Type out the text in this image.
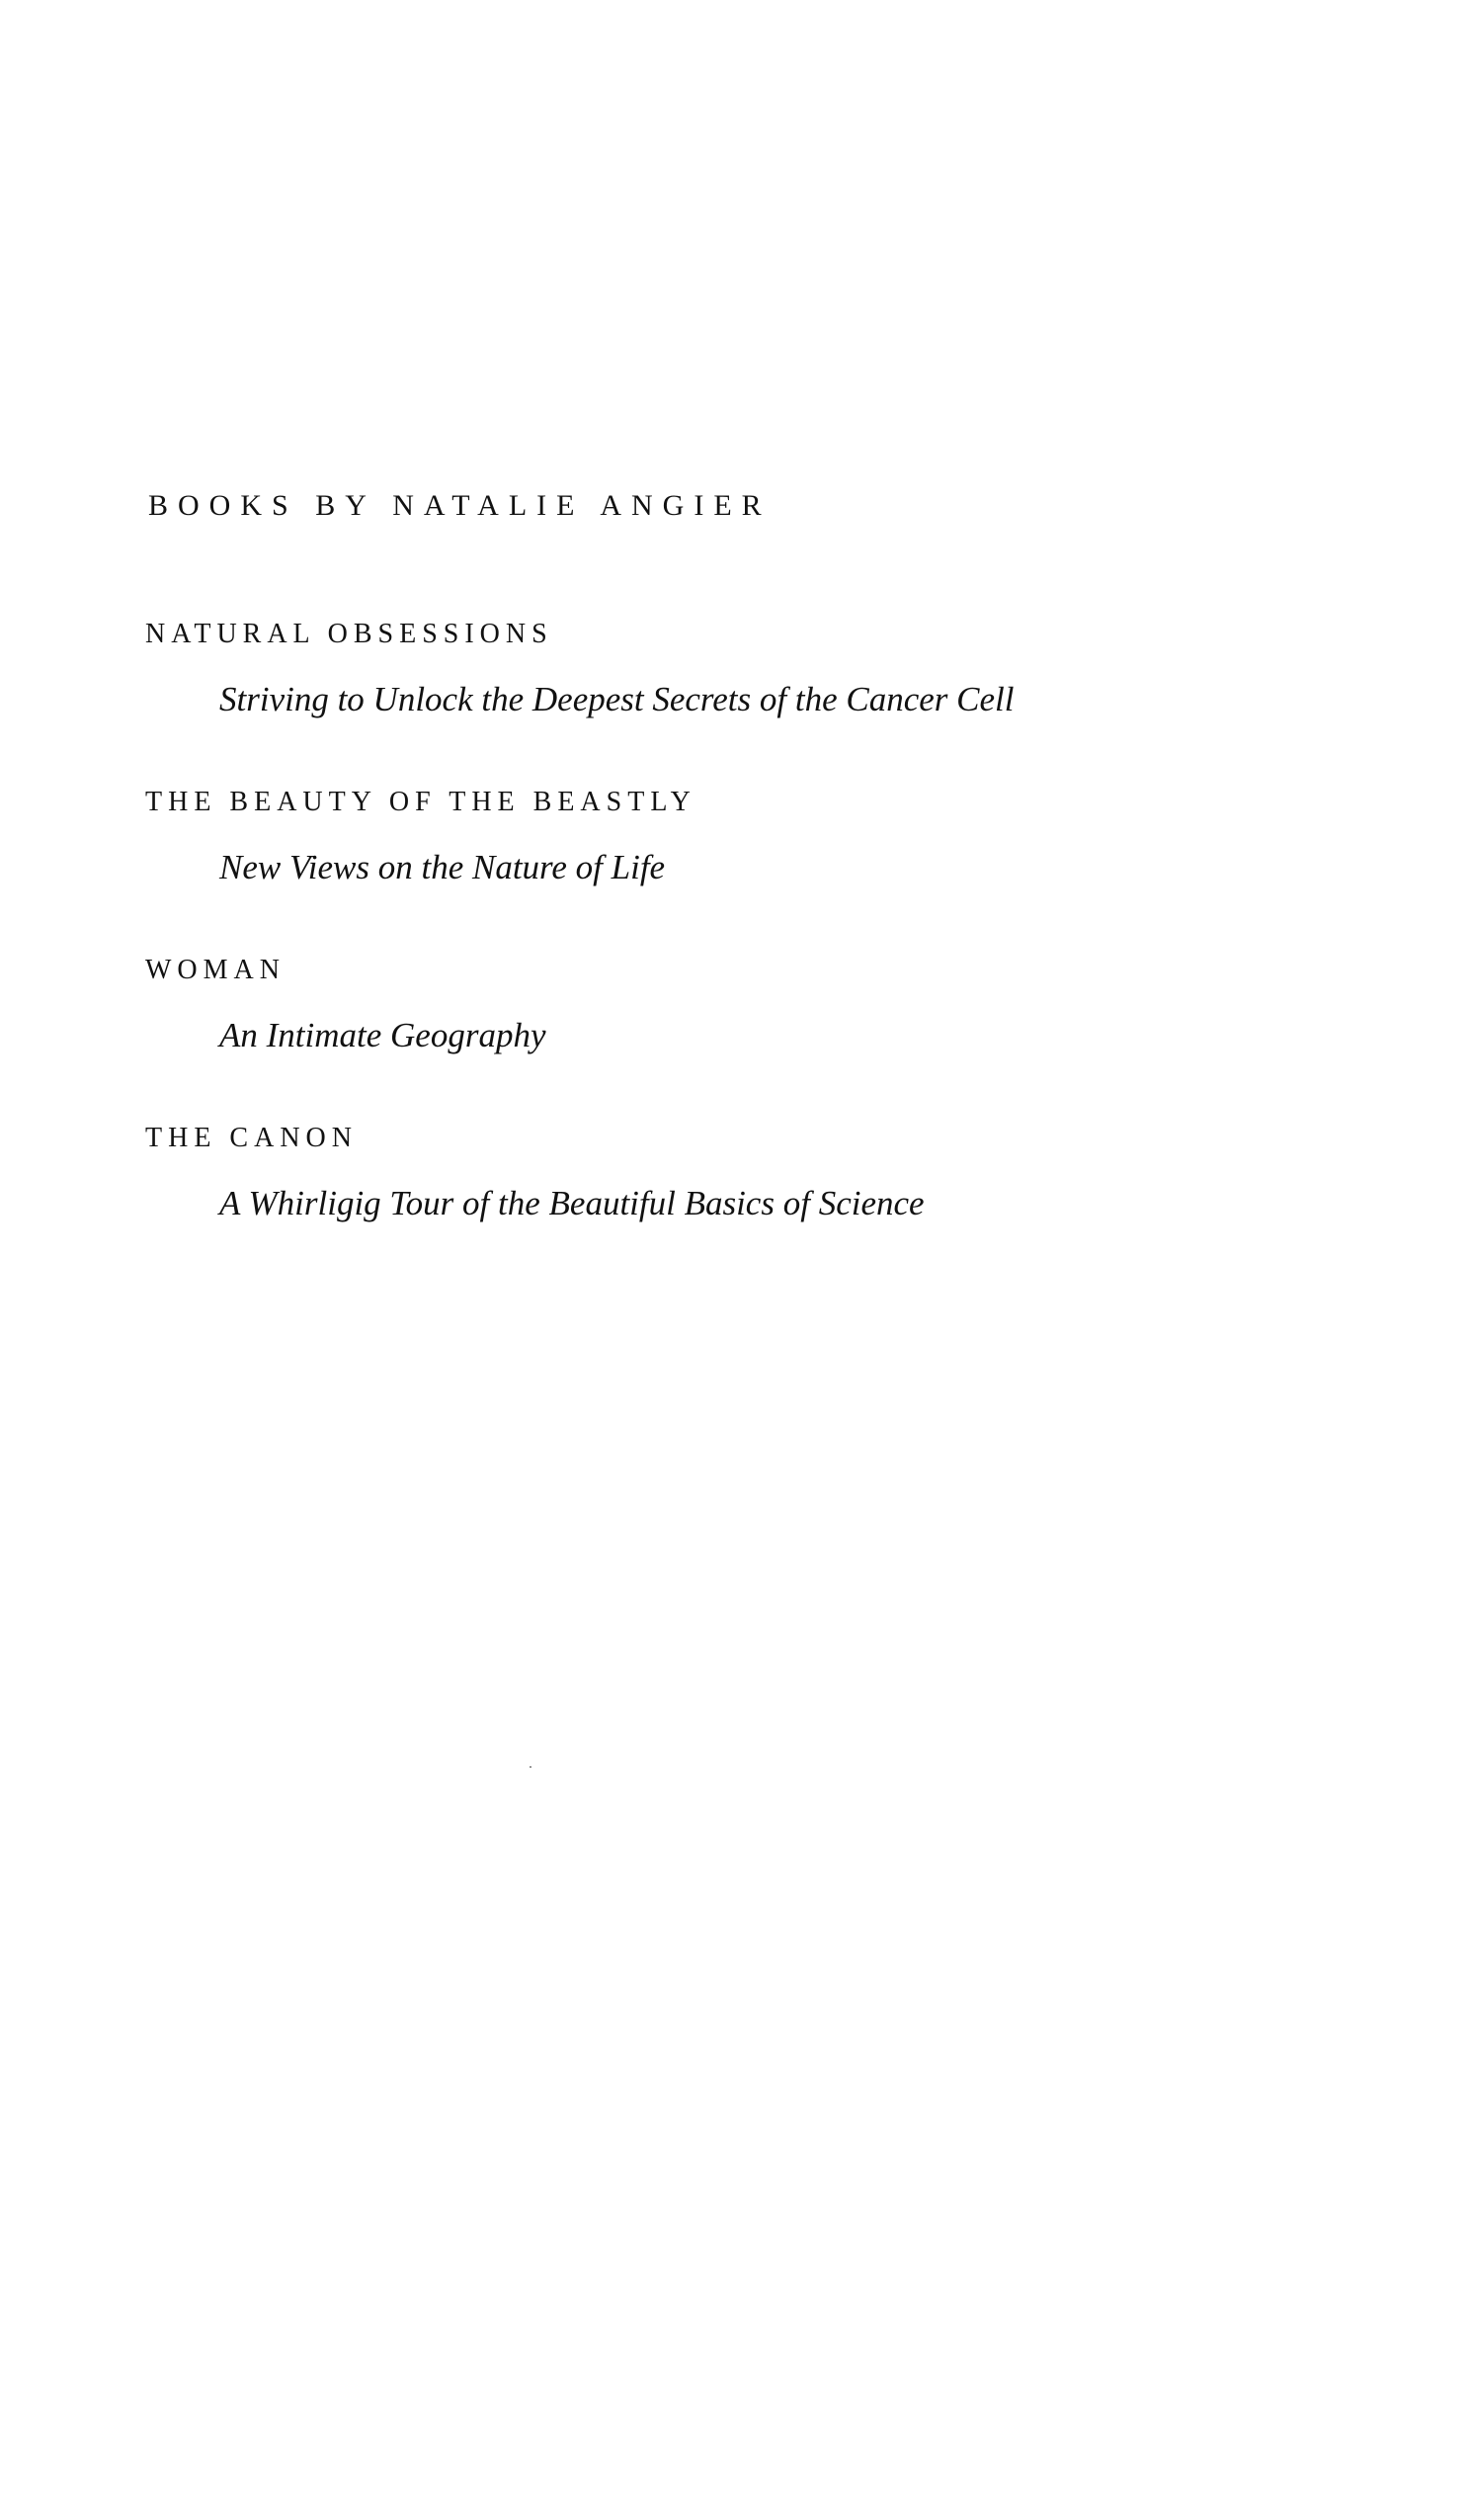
BOOKS BY NATALIE ANGIER
NATURAL OBSESSIONS
Striving to Unlock the Deepest Secrets of the Cancer Cell
THE BEAUTY OF THE BEASTLY
New Views on the Nature of Life
WOMAN
An Intimate Geography
THE CANON
A Whirligig Tour of the Beautiful Basics of Science
